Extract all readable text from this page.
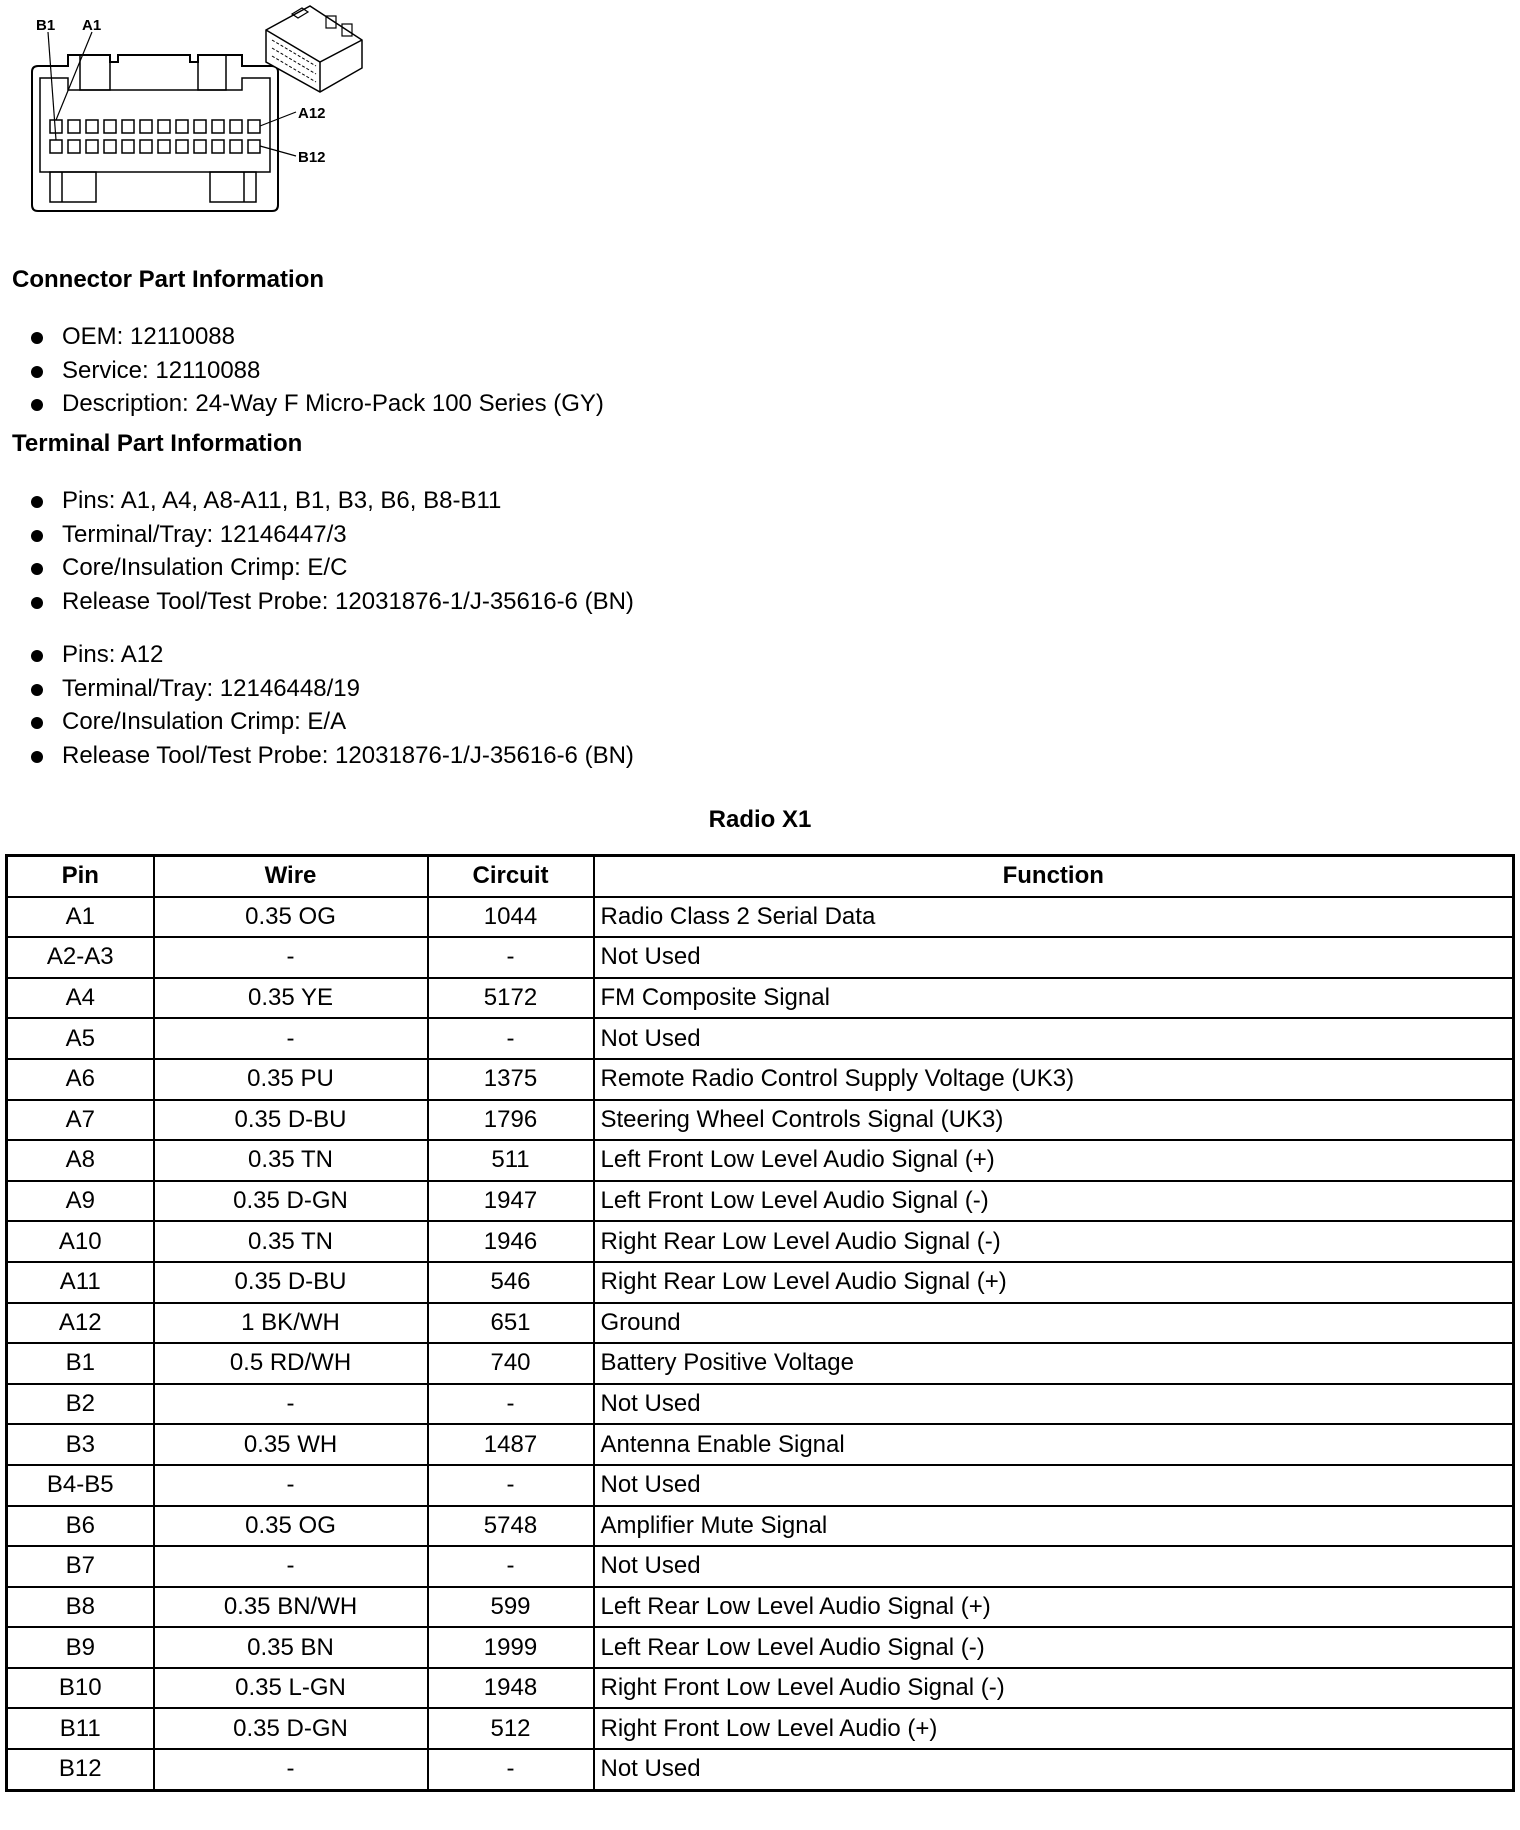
B1 A1
A12
B12
Connector Part Information
OEM: 12110088
Service: 12110088
Description: 24-Way F Micro-Pack 100 Series (GY)
Terminal Part Information
Pins: A1, A4, A8-A11, B1, B3, B6, B8-B11
Terminal/Tray: 12146447/3
Core/Insulation Crimp: E/C
Release Tool/Test Probe: 12031876-1/J-35616-6 (BN)
Pins: A12
Terminal/Tray: 12146448/19
Core/Insulation Crimp: E/A
Release Tool/Test Probe: 12031876-1/J-35616-6 (BN)
Radio X1
Pin	Wire	Circuit	Function
A1	0.35 OG	1044	Radio Class 2 Serial Data
A2-A3	-	-	Not Used
A4	0.35 YE	5172	FM Composite Signal
A5	-	-	Not Used
A6	0.35 PU	1375	Remote Radio Control Supply Voltage (UK3)
A7	0.35 D-BU	1796	Steering Wheel Controls Signal (UK3)
A8	0.35 TN	511	Left Front Low Level Audio Signal (+)
A9	0.35 D-GN	1947	Left Front Low Level Audio Signal (-)
A10	0.35 TN	1946	Right Rear Low Level Audio Signal (-)
A11	0.35 D-BU	546	Right Rear Low Level Audio Signal (+)
A12	1 BK/WH	651	Ground
B1	0.5 RD/WH	740	Battery Positive Voltage
B2	-	-	Not Used
B3	0.35 WH	1487	Antenna Enable Signal
B4-B5	-	-	Not Used
B6	0.35 OG	5748	Amplifier Mute Signal
B7	-	-	Not Used
B8	0.35 BN/WH	599	Left Rear Low Level Audio Signal (+)
B9	0.35 BN	1999	Left Rear Low Level Audio Signal (-)
B10	0.35 L-GN	1948	Right Front Low Level Audio Signal (-)
B11	0.35 D-GN	512	Right Front Low Level Audio (+)
B12	-	-	Not Used
